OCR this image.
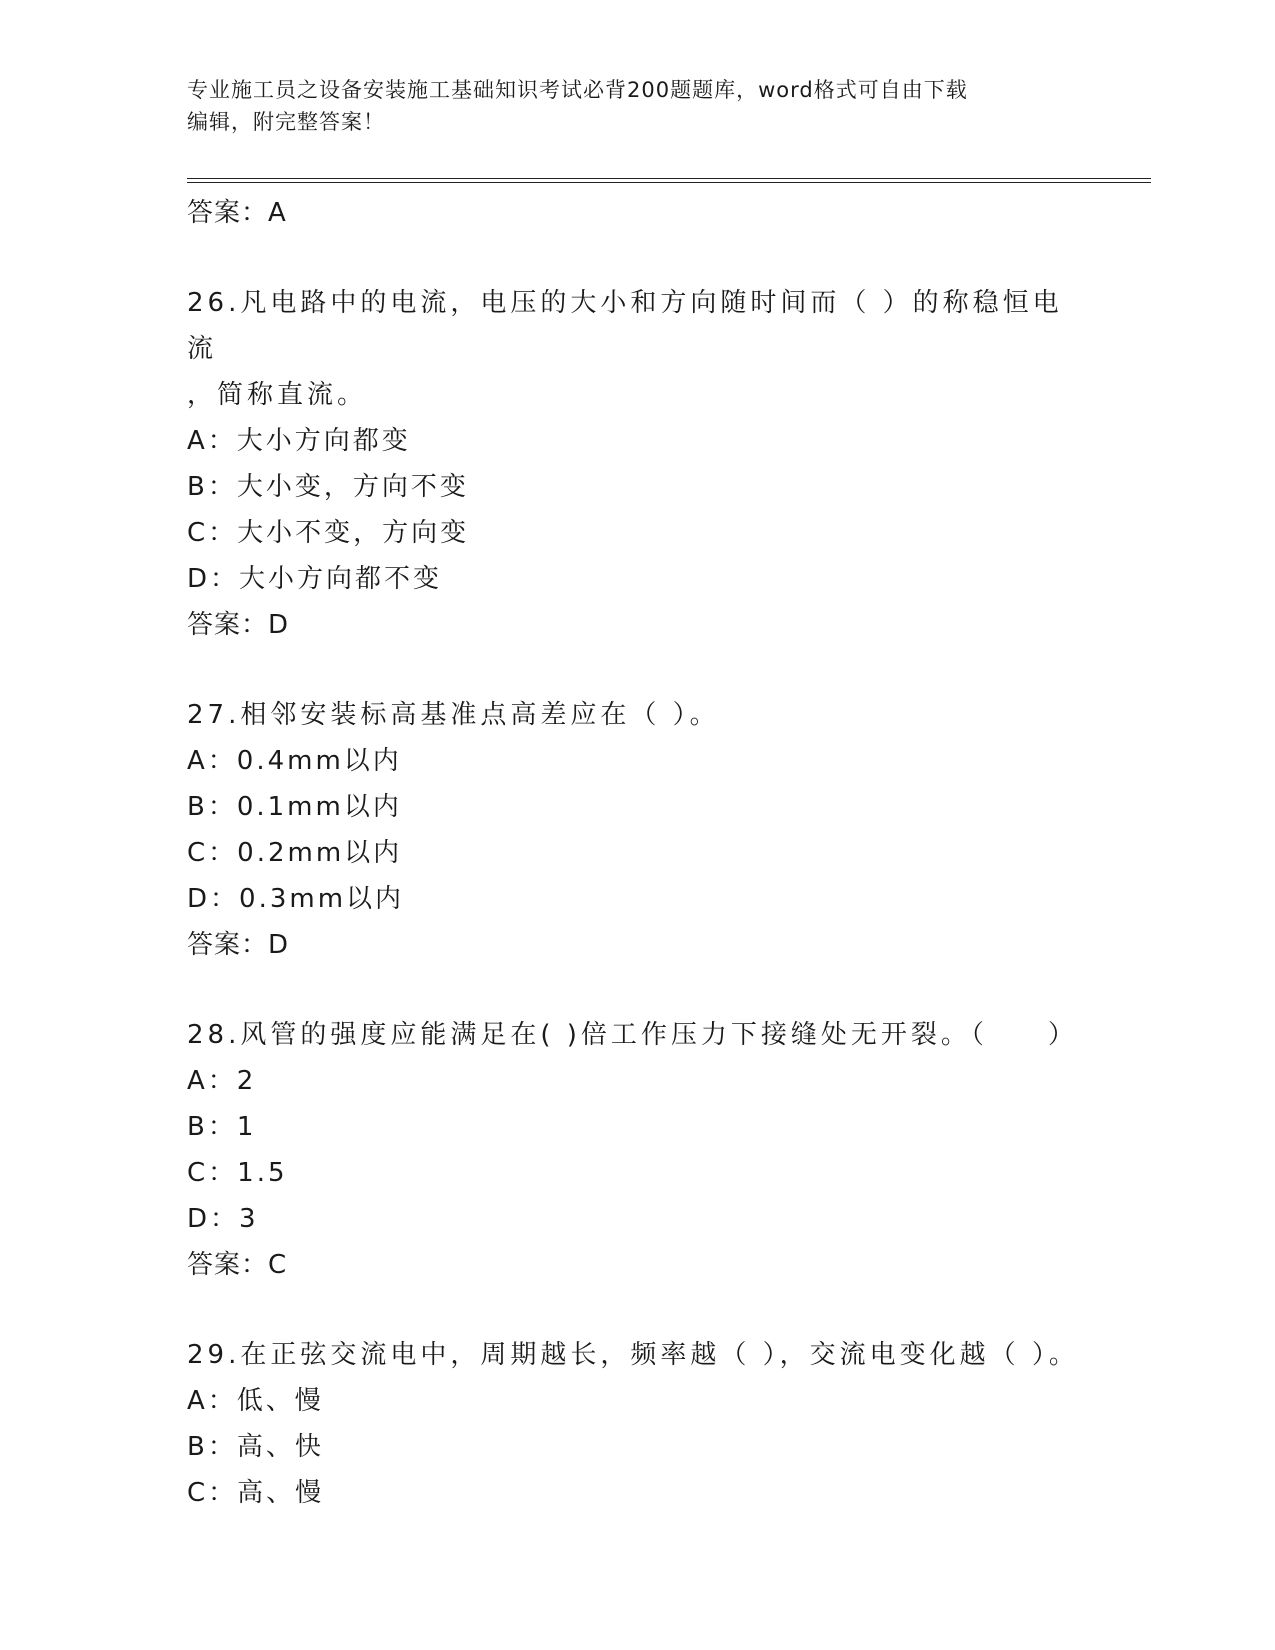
专业施工员之设备安装施工基础知识考试必背200题题库，word格式可自由下载
编辑，附完整答案！
答案：A
26.凡电路中的电流，电压的大小和方向随时间而（ ）的称稳恒电流
，简称直流。
A：大小方向都变
B：大小变，方向不变
C：大小不变，方向变
D：大小方向都不变
答案：D
27.相邻安装标高基准点高差应在（ ）。
A：0.4mm以内
B：0.1mm以内
C：0.2mm以内
D：0.3mm以内
答案：D
28.风管的强度应能满足在( )倍工作压力下接缝处无开裂。（　　）
A：2
B：1
C：1.5
D：3
答案：C
29.在正弦交流电中，周期越长，频率越（ ），交流电变化越（ ）。
A：低、慢
B：高、快
C：高、慢
